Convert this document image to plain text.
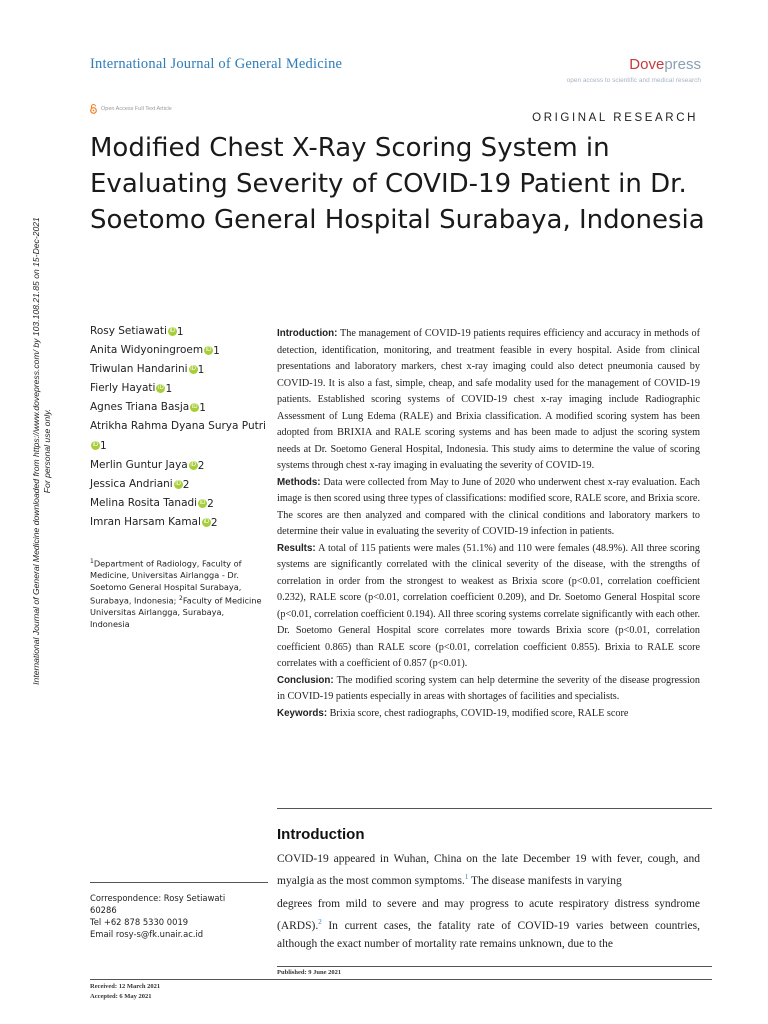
International Journal of General Medicine	Dovepress
open access to scientific and medical research
Open Access Full Text Article
ORIGINAL RESEARCH
Modified Chest X-Ray Scoring System in Evaluating Severity of COVID-19 Patient in Dr. Soetomo General Hospital Surabaya, Indonesia
International Journal of General Medicine downloaded from https://www.dovepress.com/ by 103.108.21.85 on 15-Dec-2021 For personal use only.
Rosy Setiawati iD 1
Anita Widyoningroem iD 1
Triwulan Handarini iD 1
Fierly Hayati iD 1
Agnes Triana Basja iD 1
Atrikha Rahma Dyana Surya PutriiD 1
Merlin Guntur Jaya iD 2
Jessica Andriani iD 2
Melina Rosita Tanadi iD 2
Imran Harsam Kamal iD 2
$^1$Department of Radiology, Faculty of Medicine, Universitas Airlangga - Dr. Soetomo General Hospital Surabaya, Surabaya, Indonesia; $^2$Faculty of Medicine Universitas Airlangga, Surabaya, Indonesia

Introduction: The management of COVID-19 patients requires efficiency and accuracy in methods of detection, identification, monitoring, and treatment feasible in every hospital. Aside from clinical presentations and laboratory markers, chest x-ray imaging could also detect pneumonia caused by COVID-19. It is also a fast, simple, cheap, and safe modality used for the management of COVID-19 patients. Established scoring systems of COVID-19 chest x-ray imaging include Radiographic Assessment of Lung Edema (RALE) and Brixia classification. A modified scoring system has been adopted from BRIXIA and RALE scoring systems and has been made to adjust the scoring system needs at Dr. Soetomo General Hospital, Indonesia. This study aims to determine the value of scoring systems through chest x-ray imaging in evaluating the severity of COVID-19.

Methods: Data were collected from May to June of 2020 who underwent chest x-ray evaluation. Each image is then scored using three types of classifications: modified score, RALE score, and Brixia score. The scores are then analyzed and compared with the clinical conditions and laboratory markers to determine their value in evaluating the severity of COVID-19 infection in patients.

Results: A total of 115 patients were males (51.1%) and 110 were females (48.9%). All three scoring systems are significantly correlated with the clinical severity of the disease, with the strengths of correlation in order from the strongest to weakest as Brixia score (p<0.01, correlation coefficient 0.232), RALE score (p<0.01, correlation coefficient 0.209), and Dr. Soetomo General Hospital score (p<0.01, correlation coefficient 0.194). All three scoring systems correlate significantly with each other. Dr. Soetomo General Hospital score correlates more towards Brixia score (p<0.01, correlation coefficient 0.865) than RALE score (p<0.01, correlation coefficient 0.855). Brixia to RALE score correlates with a coefficient of 0.857 (p<0.01).

Conclusion: The modified scoring system can help determine the severity of the disease progression in COVID-19 patients especially in areas with shortages of facilities and specialists.

Keywords: Brixia score, chest radiographs, COVID-19, modified score, RALE score

Introduction
COVID-19 appeared in Wuhan, China on the late December 19 with fever, cough, and myalgia as the most common symptoms.$^1$ The disease manifests in varying
degrees from mild to severe and may progress to acute respiratory distress syndrome (ARDS).$^2$ In current cases, the fatality rate of COVID-19 varies between countries, although the exact number of mortality rate remains unknown, due to the
Correspondence: Rosy Setiawati
60286
Tel +62 878 5330 0019
Email rosy-s@fk.unair.ac.id
Published: 9 June 2021
Received: 12 March 2021
Accepted: 6 May 2021
